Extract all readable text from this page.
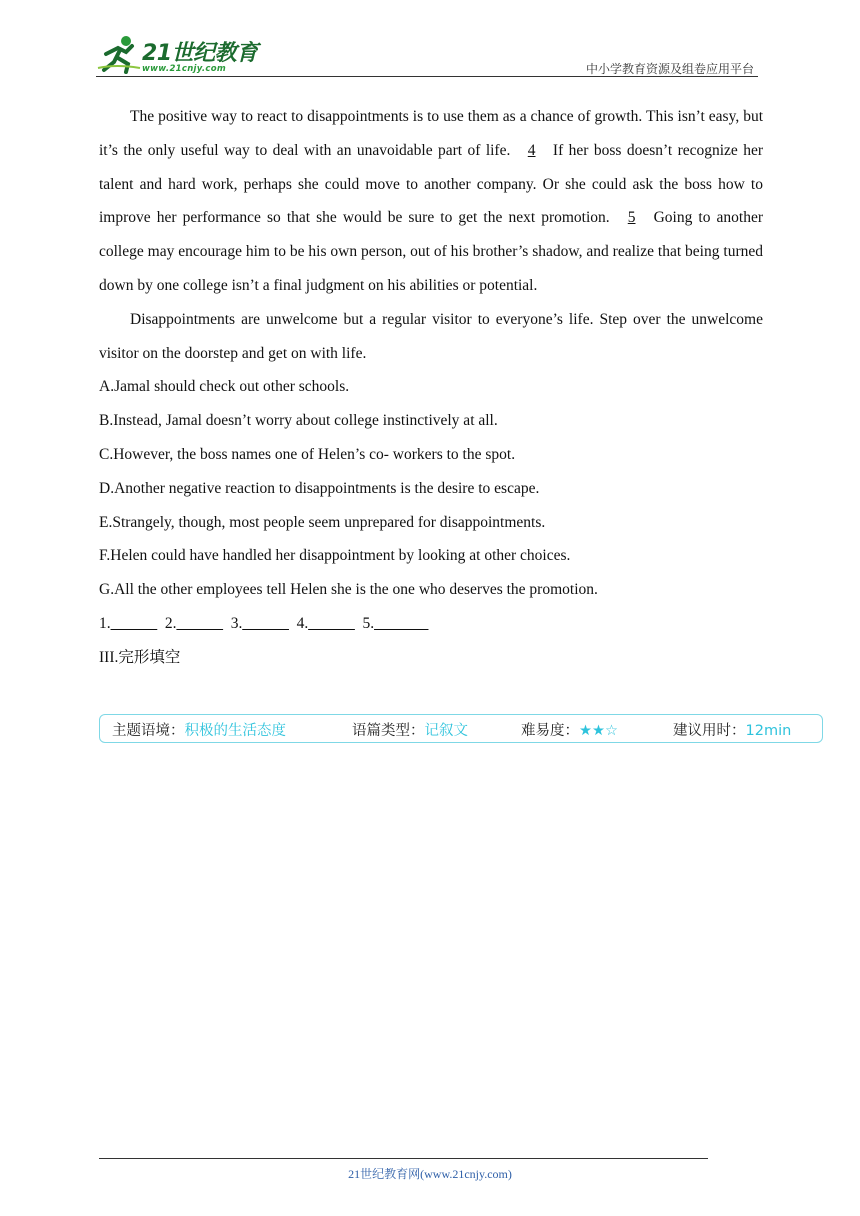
21世纪教育
www.21cnjy.com	中小学教育资源及组卷应用平台

The positive way to react to disappointments is to use them as a chance of growth. This isn’t easy, but it’s the only useful way to deal with an unavoidable part of life. 4 If her boss doesn’t recognize her talent and hard work, perhaps she could move to another company. Or she could ask the boss how to improve her performance so that she would be sure to get the next promotion. 5 Going to another college may encourage him to be his own person, out of his brother’s shadow, and realize that being turned down by one college isn’t a final judgment on his abilities or potential.

Disappointments are unwelcome but a regular visitor to everyone’s life. Step over the unwelcome visitor on the doorstep and get on with life.

A.Jamal should check out other schools.

B.Instead, Jamal doesn’t worry about college instinctively at all.

C.However, the boss names one of Helen’s co‐ workers to the spot.

D.Another negative reaction to disappointments is the desire to escape.

E.Strangely, though, most people seem unprepared for disappointments.

F.Helen could have handled her disappointment by looking at other choices.

G.All the other employees tell Helen she is the one who deserves the promotion.

1.______ 2.______ 3.______ 4.______ 5._______

III.完形填空

主题语境：积极的生活态度	语篇类型：记叙文	难易度：★★☆	建议用时：12min
21世纪教育网(www.21cnjy.com)
